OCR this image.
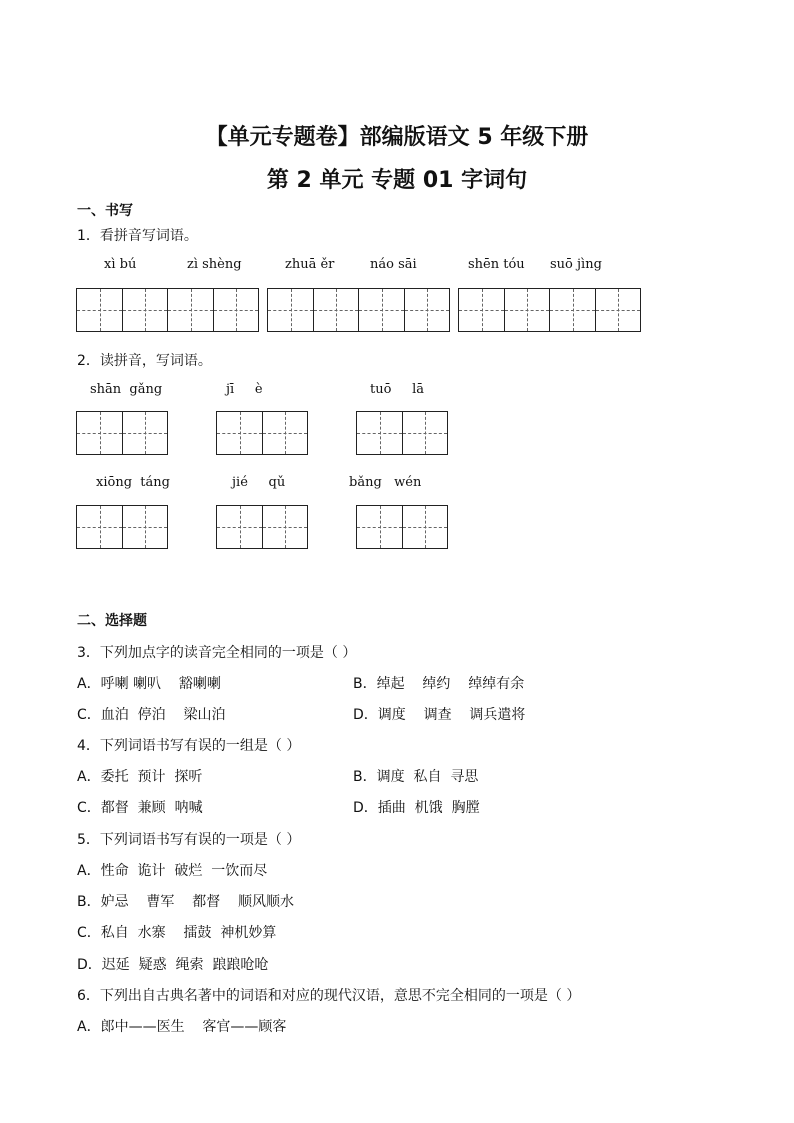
【单元专题卷】部编版语文 5 年级下册
第 2 单元 专题 01 字词句
一、书写
1．看拼音写词语。
xì bú	zì shèng	zhuā ěr	náo sāi	shēn tóu suō jìng
2．读拼音，写词语。
shān  gǎng	jī     è	tuō     lā
xiōng  táng	jié     qǔ	bǎng   wén
二、选择题
3．下列加点字的读音完全相同的一项是（ ）
A．呼喇 喇叭    豁喇喇	B．绰起    绰约    绰绰有余
C．血泊  停泊    梁山泊	D．调度    调查    调兵遣将
4．下列词语书写有误的一组是（ ）
A．委托  预计  探听	B．调度  私自  寻思
C．都督  兼顾  呐喊	D．插曲  机饿  胸膛
5．下列词语书写有误的一项是（ ）
A．性命  诡计  破烂  一饮而尽
B．妒忌    曹军    都督    顺风顺水
C．私自  水寨    擂鼓  神机妙算
D．迟延  疑惑  绳索  踉踉呛呛
6．下列出自古典名著中的词语和对应的现代汉语，意思不完全相同的一项是（ ）
A．郎中——医生    客官——顾客
